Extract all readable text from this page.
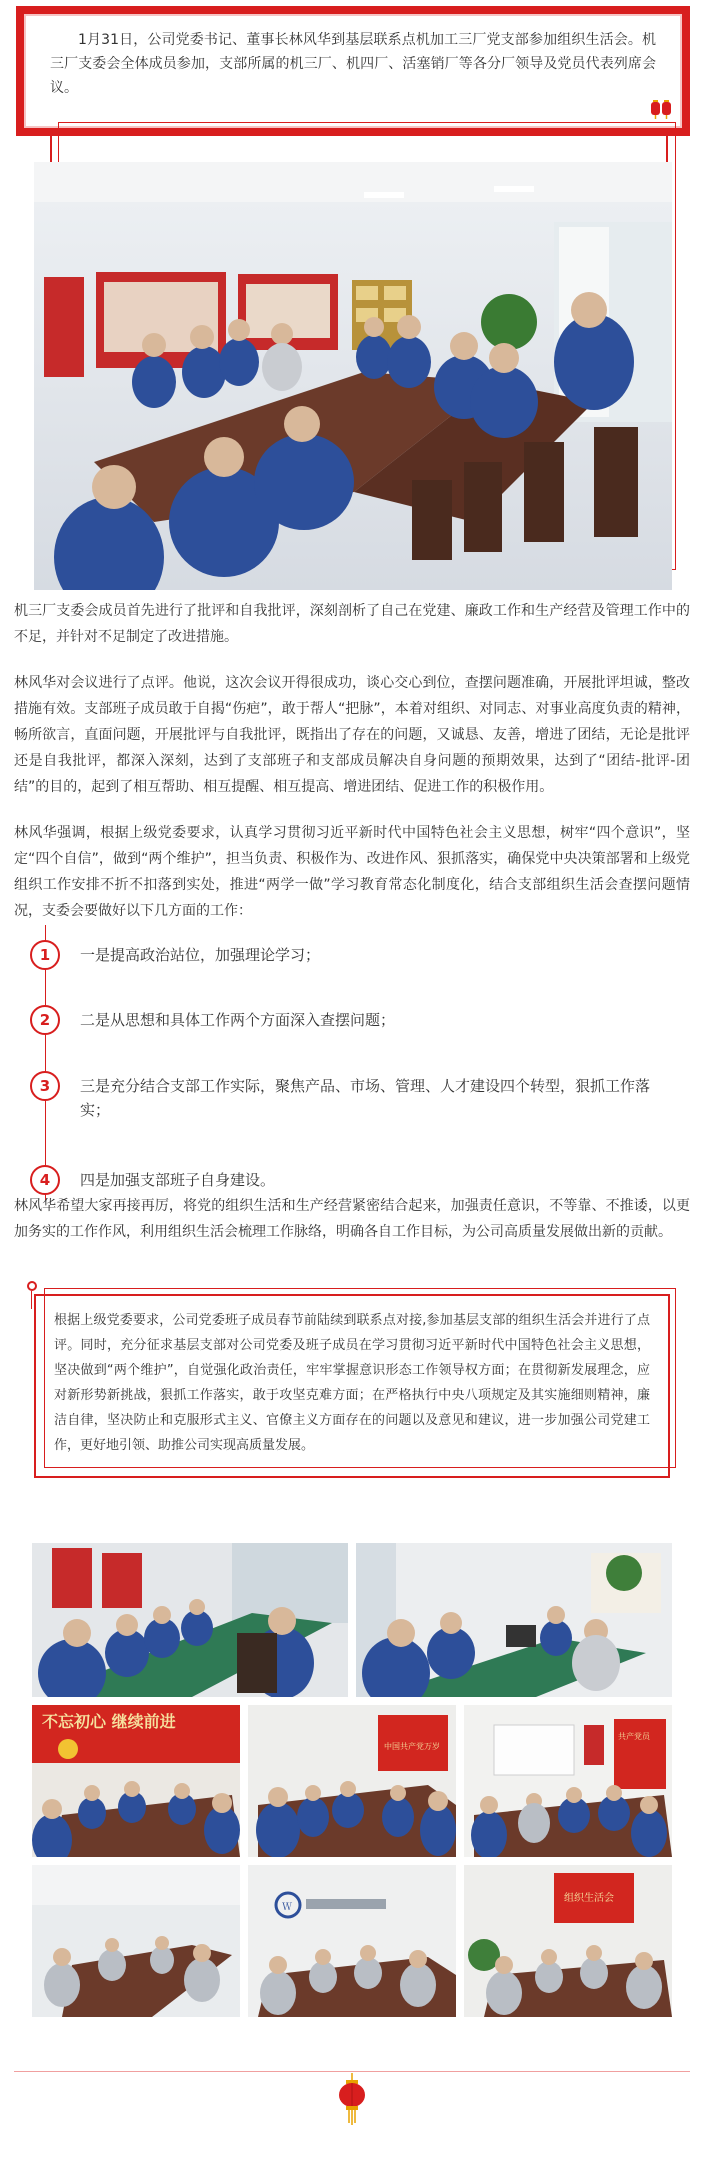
1月31日，公司党委书记、董事长林风华到基层联系点机加工三厂党支部参加组织生活会。机三厂支委会全体成员参加，支部所属的机三厂、机四厂、活塞销厂等各分厂领导及党员代表列席会议。

机三厂支委会成员首先进行了批评和自我批评，深刻剖析了自己在党建、廉政工作和生产经营及管理工作中的不足，并针对不足制定了改进措施。

林风华对会议进行了点评。他说，这次会议开得很成功，谈心交心到位，查摆问题准确，开展批评坦诚，整改措施有效。支部班子成员敢于自揭“伤疤”，敢于帮人“把脉”，本着对组织、对同志、对事业高度负责的精神，畅所欲言，直面问题，开展批评与自我批评，既指出了存在的问题，又诚恳、友善，增进了团结，无论是批评还是自我批评，都深入深刻，达到了支部班子和支部成员解决自身问题的预期效果，达到了“团结-批评-团结”的目的，起到了相互帮助、相互提醒、相互提高、增进团结、促进工作的积极作用。

林风华强调，根据上级党委要求，认真学习贯彻习近平新时代中国特色社会主义思想，树牢“四个意识”，坚定“四个自信”，做到“两个维护”，担当负责、积极作为、改进作风、狠抓落实，确保党中央决策部署和上级党组织工作安排不折不扣落到实处，推进“两学一做”学习教育常态化制度化，结合支部组织生活会查摆问题情况，支委会要做好以下几方面的工作：

1	一是提高政治站位，加强理论学习；
2	二是从思想和具体工作两个方面深入查摆问题；
3	三是充分结合支部工作实际，聚焦产品、市场、管理、人才建设四个转型，狠抓工作落实；
4	四是加强支部班子自身建设。

林风华希望大家再接再厉，将党的组织生活和生产经营紧密结合起来，加强责任意识，不等靠、不推诿，以更加务实的工作作风，利用组织生活会梳理工作脉络，明确各自工作目标，为公司高质量发展做出新的贡献。

根据上级党委要求，公司党委班子成员春节前陆续到联系点对接,参加基层支部的组织生活会并进行了点评。同时，充分征求基层支部对公司党委及班子成员在学习贯彻习近平新时代中国特色社会主义思想，坚决做到“两个维护”，自觉强化政治责任，牢牢掌握意识形态工作领导权方面；在贯彻新发展理念，应对新形势新挑战，狠抓工作落实，敢于攻坚克难方面；在严格执行中央八项规定及其实施细则精神，廉洁自律，坚决防止和克服形式主义、官僚主义方面存在的问题以及意见和建议，进一步加强公司党建工作，更好地引领、助推公司实现高质量发展。

不忘初心 继续前进
中国共产党万岁
共产党员
Ｗ
组织生活会
